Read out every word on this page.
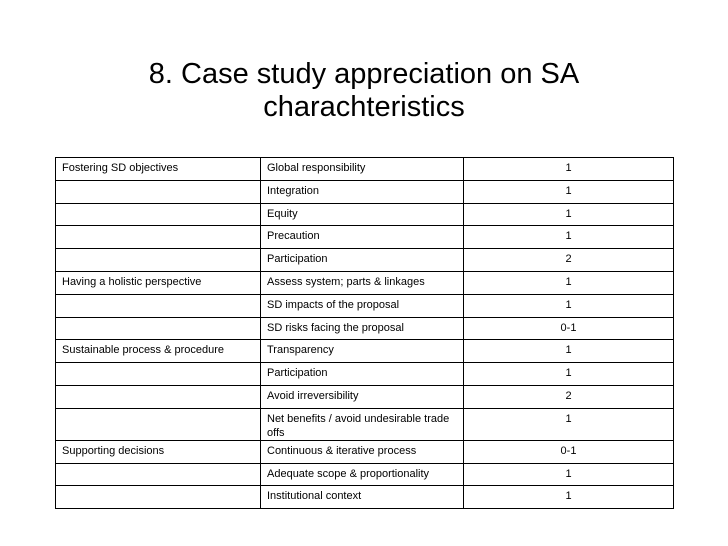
8. Case study appreciation on SA
charachteristics
Fostering SD objectives	Global responsibility	1
	Integration	1
	Equity	1
	Precaution	1
	Participation	2
Having a holistic perspective	Assess system; parts & linkages	1
	SD impacts of the proposal	1
	SD risks facing the proposal	0-1
Sustainable process & procedure	Transparency	1
	Participation	1
	Avoid irreversibility	2
	Net benefits / avoid undesirable trade offs	1
Supporting decisions	Continuous & iterative process	0-1
	Adequate scope & proportionality	1
	Institutional context	1
